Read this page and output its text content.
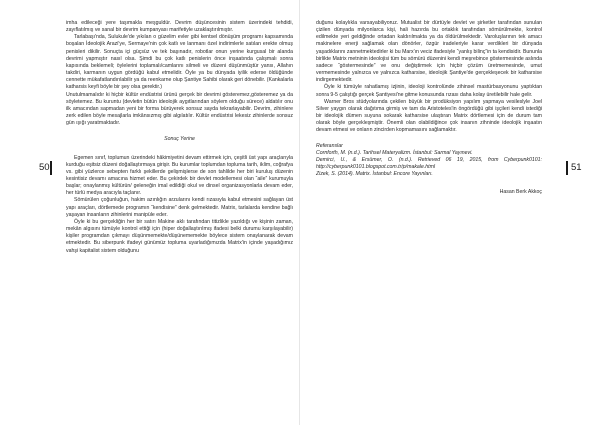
imha edileceği yere taşımakla meşguldür. Devrim düşüncesinin sistem üzerindeki tehdidi, zayıflatılmış ve sanal bir devrim kumpanyası marifetiyle uzaklaştırılmıştır.

Tarlabaşı'nda, Sulukule'de yıkılan o güzelim evler gibi kentsel dönüşüm programı kapsamında boşalan İdeolojik Arazi'ye, Sermaye'nin çok katlı ve lanmanı özel indirimlerle satılan erekte olmuş penisleri dikilir. Sonuçta içi güçsüz ve tek başınadır, robotlar onun yerine kurgusal bir alanda devrimi yapmıştır nasıl olsa. Şimdi bu çok katlı penislerin önce inşaatında çalışmalı sonra kapısında beklemeli; öylelerini toplamalı/camlarını silmeli ve düzeni düşünmüştür yansı, Allahın takdiri, karmanın uygun gördüğü kabul etmelidir. Öyle ya bu dünyada iyilik edersе öldüğünde cennette mükafatlandırılabilir ya da reenkarne olup Şantiye Sahibi olarak geri dönebilir. (Kankalarla katharsis keyfi böyle bir şey olsa gerektir.)

Unutulmamalıdır ki hiçbir kültür endüstrisi ürünü gerçek bir devrimi gösteremez,gösteremez ya da söyletemez. Bu kuruntu (devletin bütün ideolojik aygıtlarından söylem olduğu sürece) aldatılır onu ilk amacından sapmadan yeni bir forma bürüyerek sonsuz sayda tekrarlayabilir. Devrim, zihinlere zerk edilen böyle mesajlarla imkânsızmış gibi algılatılır. Kültür endüstrisi lekesiz zihinlerde sonsuz gün ışığı yaratmaktadır.

Sonuç Yerine

Egemen sınıf, toplumun üzerindeki hâkimiyetini devam ettirmek için, çeşitli üst yapı araçlarıyla kurduğu eşitsiz düzeni doğallaştırmaya girişir. Bu kurumlar toplumdan topluma tarih, iklim, coğrafya vs. gibi yüzlerce sebepten farklı şekillerde gelişmişlerse de son tahlilde her biri kuruluş düzenin kesintisiz devamı amacına hizmet eder. Bu çekirdek bir devlet modellemesi olan “aile” kurumuyla başlar; onaylanmış kültürün/ geleneğin imal edildiği okul ve dinsel organizasyonlarla devam eder, her türlü medya aracıyla taçlanır.

Sömürülen çoğunluğun, hakim azınlığın arzularını kendi rızasıyla kabul etmesini sağlayan üst yapı araçları, dörtlemede programın “kendisine” denk gelmektedir. Matrix, tarlalarda kendine bağlı yaşayan insanların zihinlerini manipüle eder.

Öyle ki bu gerçekliğin her bir satırı Makine aklı tarafından titizlikle yazıldığı ve kişinin zaman, mekân algısını tümüyle kontrol ettiği için (hiper doğallaştırılmış ifadesi belki durumu karşılayabilir) kişiler programdan çıkmayı düşünmemekte/düşünememekte böylece sistem onaylanarak devam etmektedir. Bu siberpunk ifadeyi günümüz topluma uyarladığımızda Matrix'in içinde yaşadığımız vahşi kapitalist sistem olduğunu

duğunu kolaylıkla varsayabiliyoruz. Mutualist bir dürtüyle devlet ve şirketler tarafından sunulan çizilen dünyada milyonlarca kişi, hali hazırda bu ortaklık tarafından sömürülmekte, kontrol edilmekte yeri geldiğinde ortadan kaldırılmakta ya da öldürülmektedir. Varoluşlarının tek amacı makinelere enerji sağlamak olan dönörler, özgür iradeleriyle karar verdikleri bir dünyada yaşadıklarını zannetmektedirler ki bu Marx'ın veciz ifadesiyle “yanlış bilinç”in ta kendisidir. Bununla birlikte Matrix metninin ideolojisi tüm bu sömürü düzenini kendi meşrebince göstermesinde aslında sadece “göstermesinde” ve onu değiştirmek için hiçbir çözüm üretmemesinde, umut vermemesinde yalnızca ve yalnızca katharsise, ideolojik Şantiye'de gerçekleşecek bir katharsise indirgemektedir.

Öyle ki tümüyle rahatlamış izjinin, ideoloji kontrolünde zihinsel mastürbasyonunu yaptıktan sonra 9-5 çalıştığı gerçek Şantiyesi'ne gitme konusunda rızası daha kolay üretilebilir hale gelir.

Warner Bros stüdyolarında çekilen büyük bir prodüksiyon yapılım yapmaya vesileslyle Joel Silver yaygın olarak dağıtıma girmiş ve tam da Aristoteles'in öngördüğü gibi işçileri kendi istediği bir ideolojik dümen suyuna sokarak katharsise ulaştıran Matrix dörtlemesi için de durum tam olarak böyle gerçekleşmiştir. Önemli olan olabildiğince çok insanın zihninde ideolojik inşaatın devam etmesi ve onların zincirden kopmamasını sağlamaktır.

Referanslar

Cornforth, M. (n.d.). Tarihsel Materyalizm. İstanbul: Sarmal Yayınevi.

Demirci, U., & Ersümer, O. (n.d.). Retrieved 06 19, 2015, from Cyberpunk0101: http://cyberpunk0101.blogspot.com.tr/p/makale.html

Zizek, S. (2014). Matrix. İstanbul: Encore Yayınları.

Hasan Berk Akkoç

50	51
